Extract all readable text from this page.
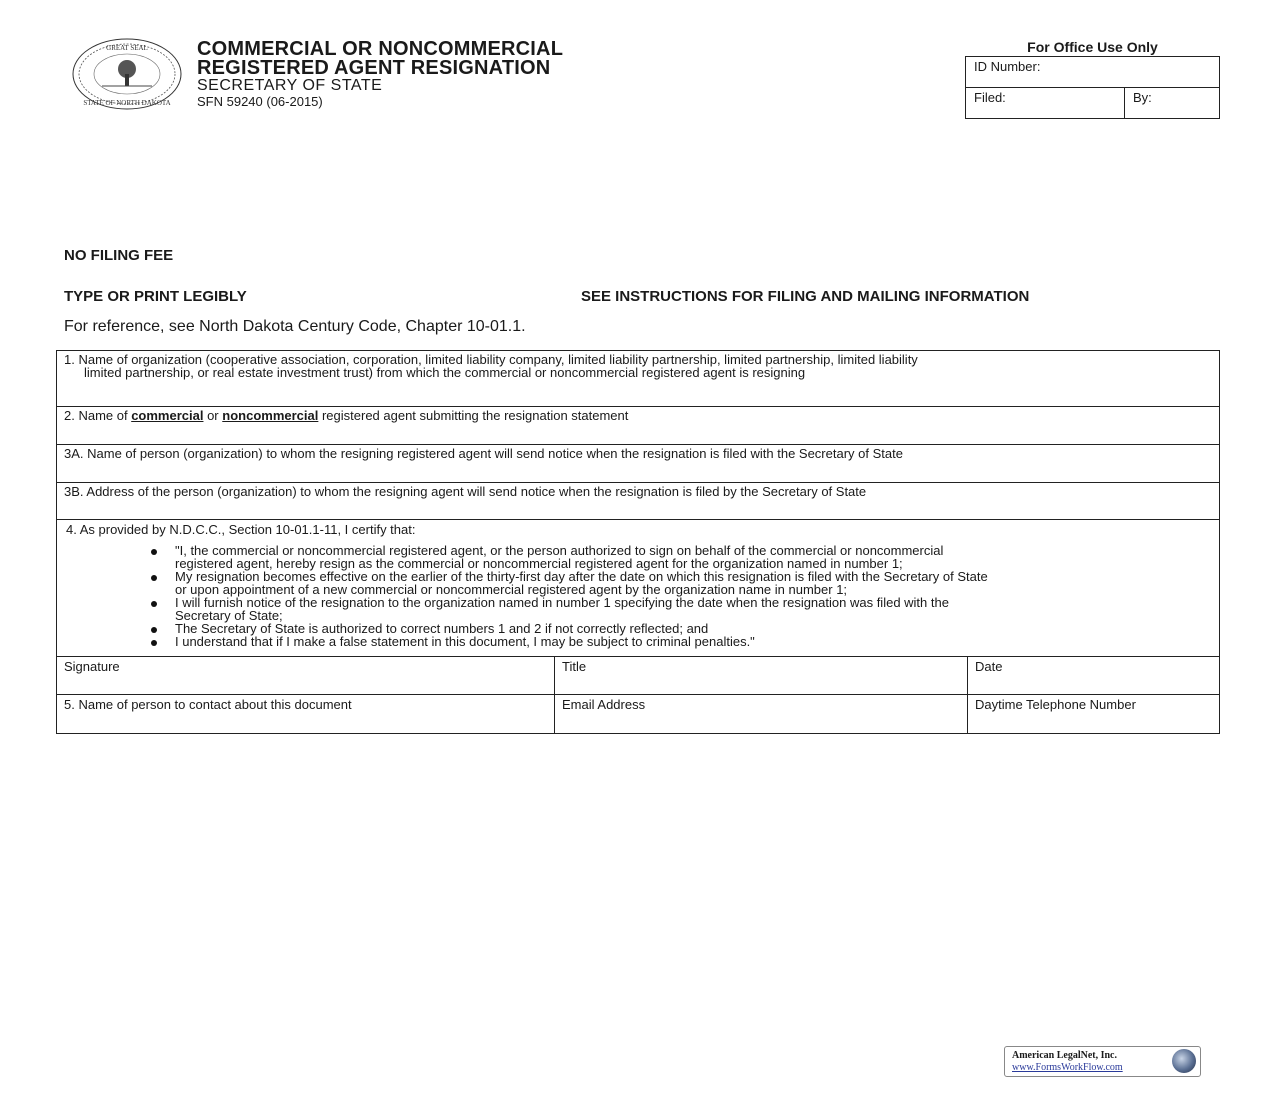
GREAT SEAL
STATE OF NORTH DAKOTA
COMMERCIAL OR NONCOMMERCIAL
REGISTERED AGENT RESIGNATION
SECRETARY OF STATE
SFN 59240 (06-2015)
For Office Use Only
ID Number:
Filed:	By:
NO FILING FEE
TYPE OR PRINT LEGIBLY	SEE INSTRUCTIONS FOR FILING AND MAILING INFORMATION
For reference, see North Dakota Century Code, Chapter 10-01.1.
1. Name of organization (cooperative association, corporation, limited liability company, limited liability partnership, limited partnership, limited liability
limited partnership, or real estate investment trust) from which the commercial or noncommercial registered agent is resigning
2. Name of commercial or noncommercial registered agent submitting the resignation statement
3A. Name of person (organization) to whom the resigning registered agent will send notice when the resignation is filed with the Secretary of State
3B. Address of the person (organization) to whom the resigning agent will send notice when the resignation is filed by the Secretary of State
4. As provided by N.D.C.C., Section 10-01.1-11, I certify that:
"I, the commercial or noncommercial registered agent, or the person authorized to sign on behalf of the commercial or noncommercial
registered agent, hereby resign as the commercial or noncommercial registered agent for the organization named in number 1;
My resignation becomes effective on the earlier of the thirty-first day after the date on which this resignation is filed with the Secretary of State
or upon appointment of a new commercial or noncommercial registered agent by the organization name in number 1;
I will furnish notice of the resignation to the organization named in number 1 specifying the date when the resignation was filed with the
Secretary of State;
The Secretary of State is authorized to correct numbers 1 and 2 if not correctly reflected; and
I understand that if I make a false statement in this document, I may be subject to criminal penalties."
Signature	Title	Date
5. Name of person to contact about this document	Email Address	Daytime Telephone Number
American LegalNet, Inc.
www.FormsWorkFlow.com
